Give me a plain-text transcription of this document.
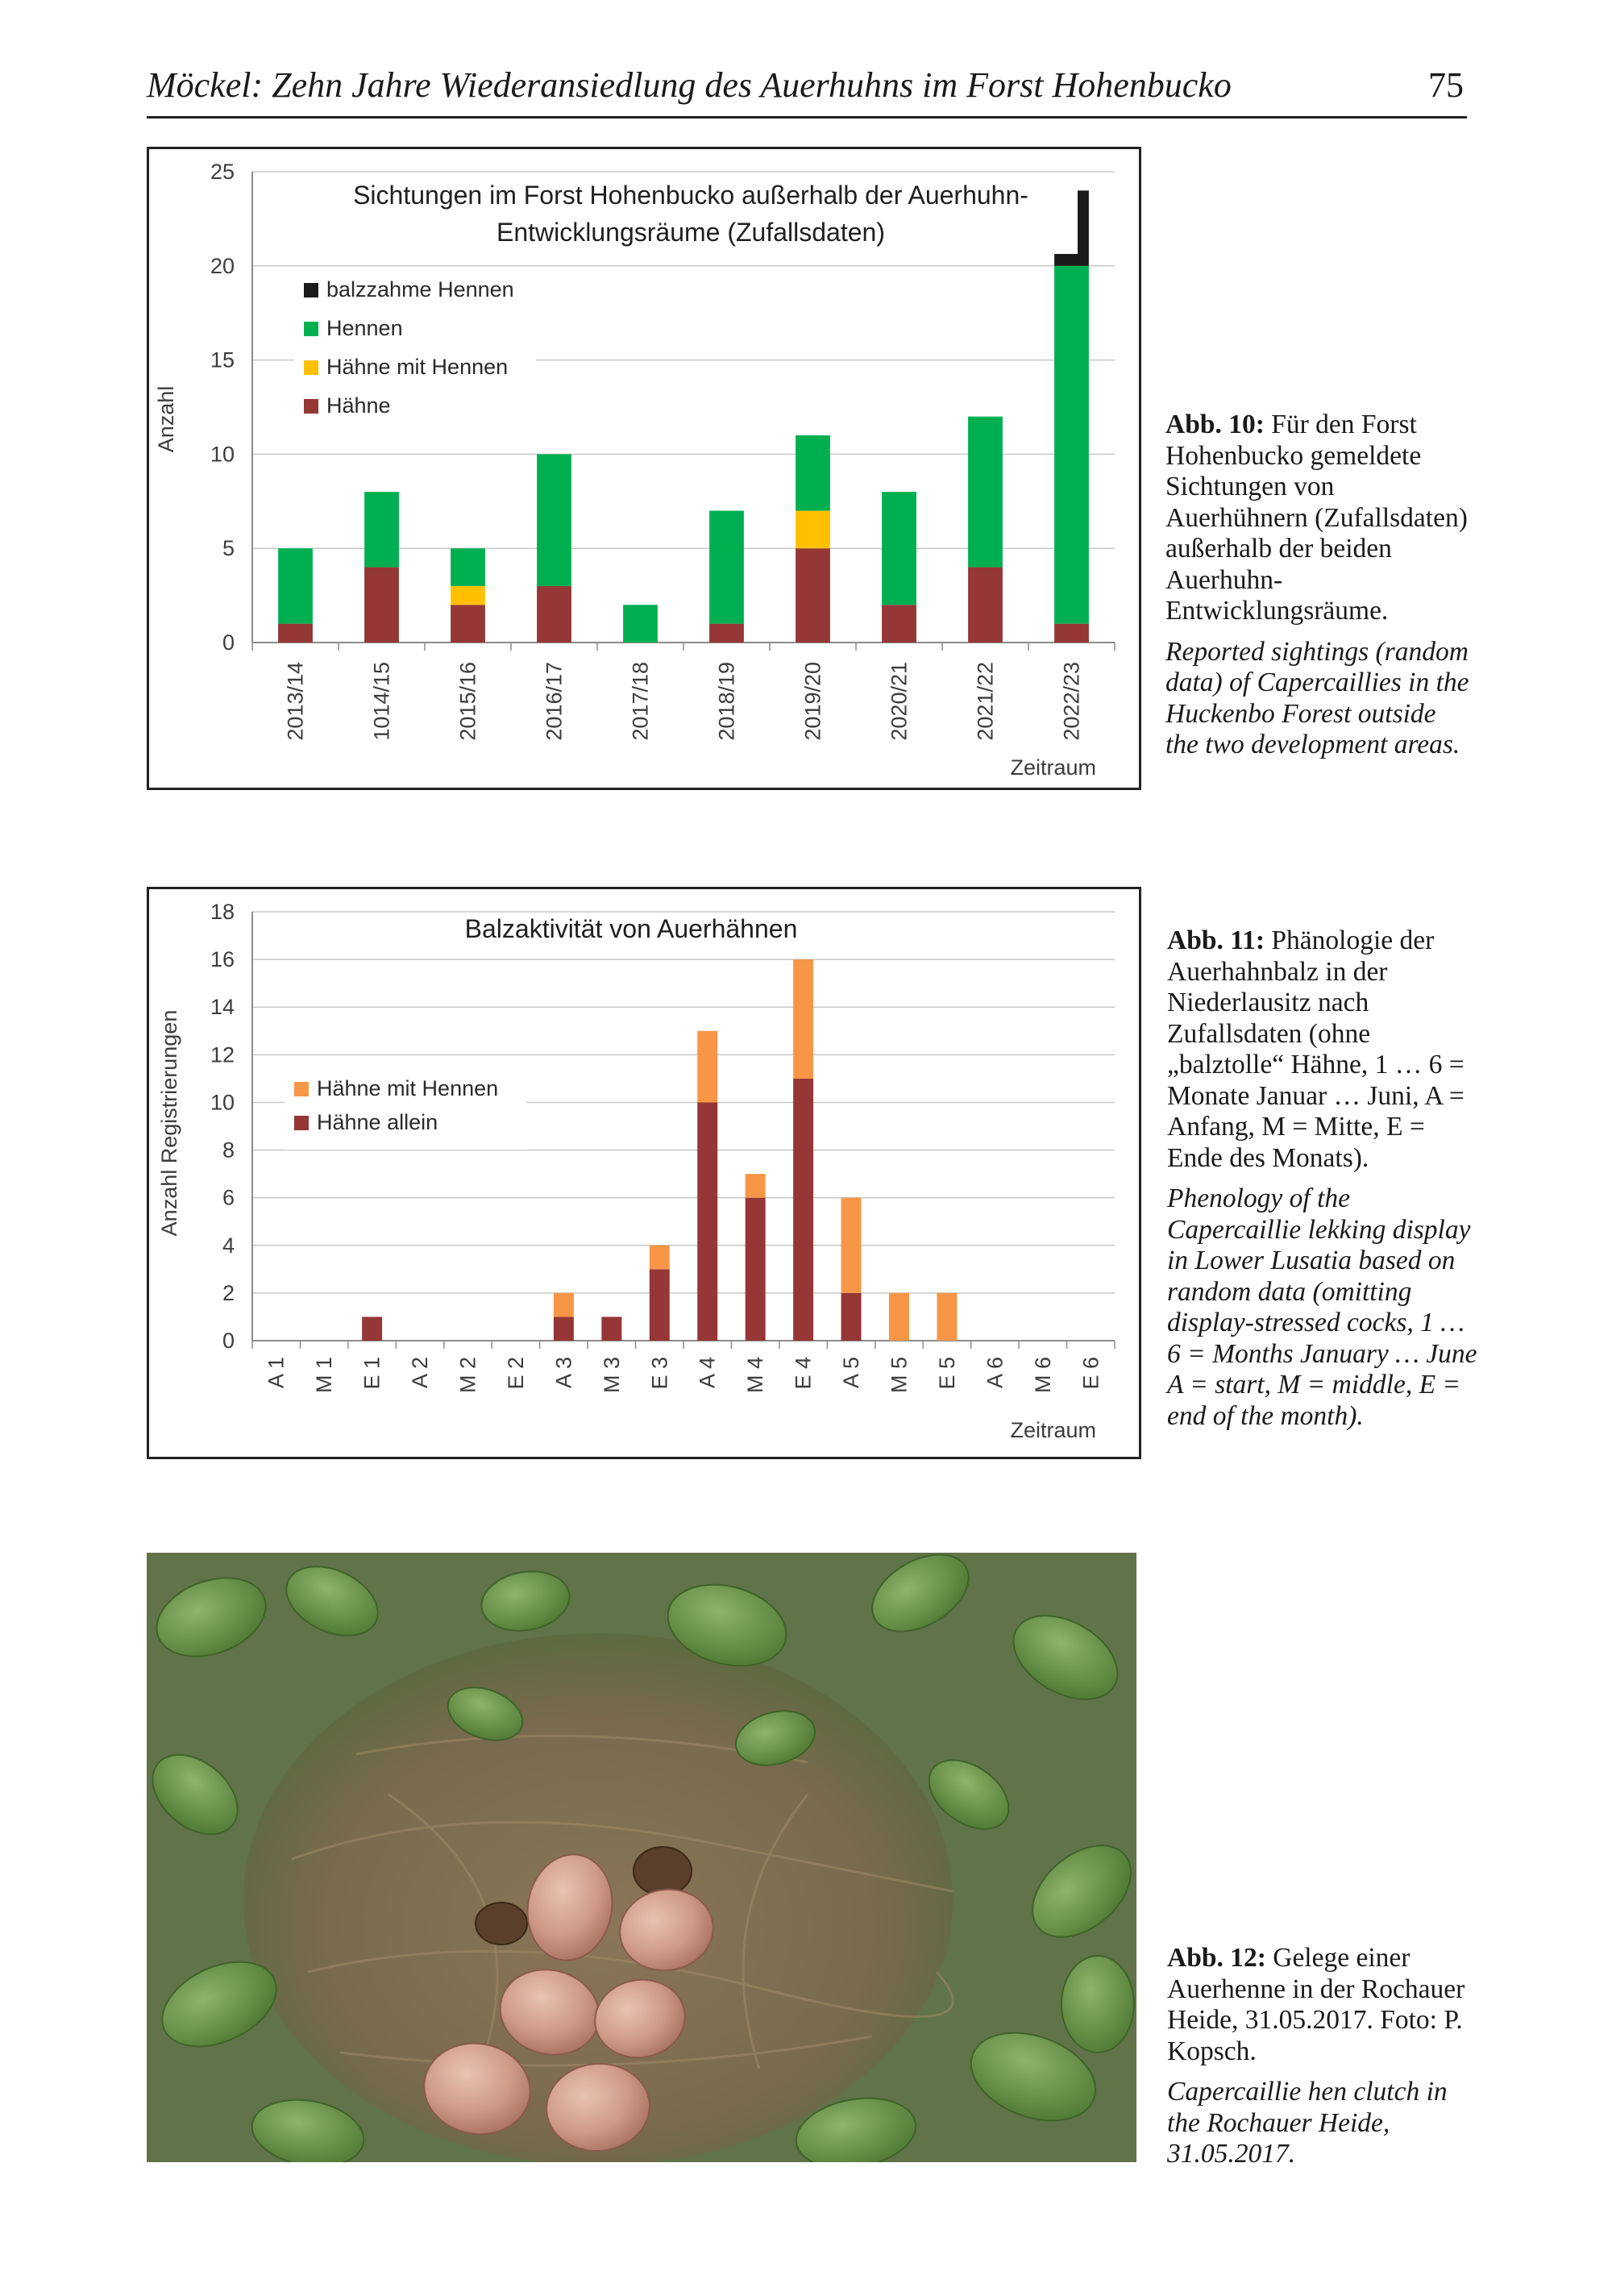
Möckel: Zehn Jahre Wiederansiedlung des Auerhuhns im Forst Hohenbucko	75
0
5
10
15
20
25
2013/14	1014/15	2015/16	2016/17	2017/18	2018/19	2019/20	2020/21	2021/22	2022/23
Zeitraum
Anzahl
Sichtungen im Forst Hohenbucko außerhalb der Auerhuhn-
Entwicklungsräume (Zufallsdaten)
balzzahme Hennen
Hennen
Hähne mit Hennen
Hähne

Abb. 10: Für den Forst Hohenbucko gemeldete Sichtungen von Auerhühnern (Zufallsdaten) außerhalb der beiden Auerhuhn-Entwicklungsräume.

Reported sightings (random data) of Capercaillies in the Huckenbo Forest outside the two development areas.

0
2
4
6
8
10
12
14
16
18
A 1 M 1 E 1 A 2 M 2 E 2 A 3 M 3 E 3 A 4 M 4 E 4 A 5 M 5 E 5 A 6 M 6 E 6
Zeitraum
Anzahl Registrierungen
Balzaktivität von Auerhähnen
Hähne mit Hennen
Hähne allein

Abb. 11: Phänologie der Auerhahnbalz in der Niederlausitz nach Zufallsdaten (ohne „balztolle“ Hähne, 1 … 6 = Monate Januar … Juni, A = Anfang, M = Mitte, E = Ende des Monats).

Phenology of the Capercaillie lekking display in Lower Lusatia based on random data (omitting display-stressed cocks, 1 … 6 = Months January … June A = start, M = middle, E = end of the month).

Abb. 12: Gelege einer Auerhenne in der Rochauer Heide, 31.05.2017. Foto: P. Kopsch.

Capercaillie hen clutch in the Rochauer Heide, 31.05.2017.
